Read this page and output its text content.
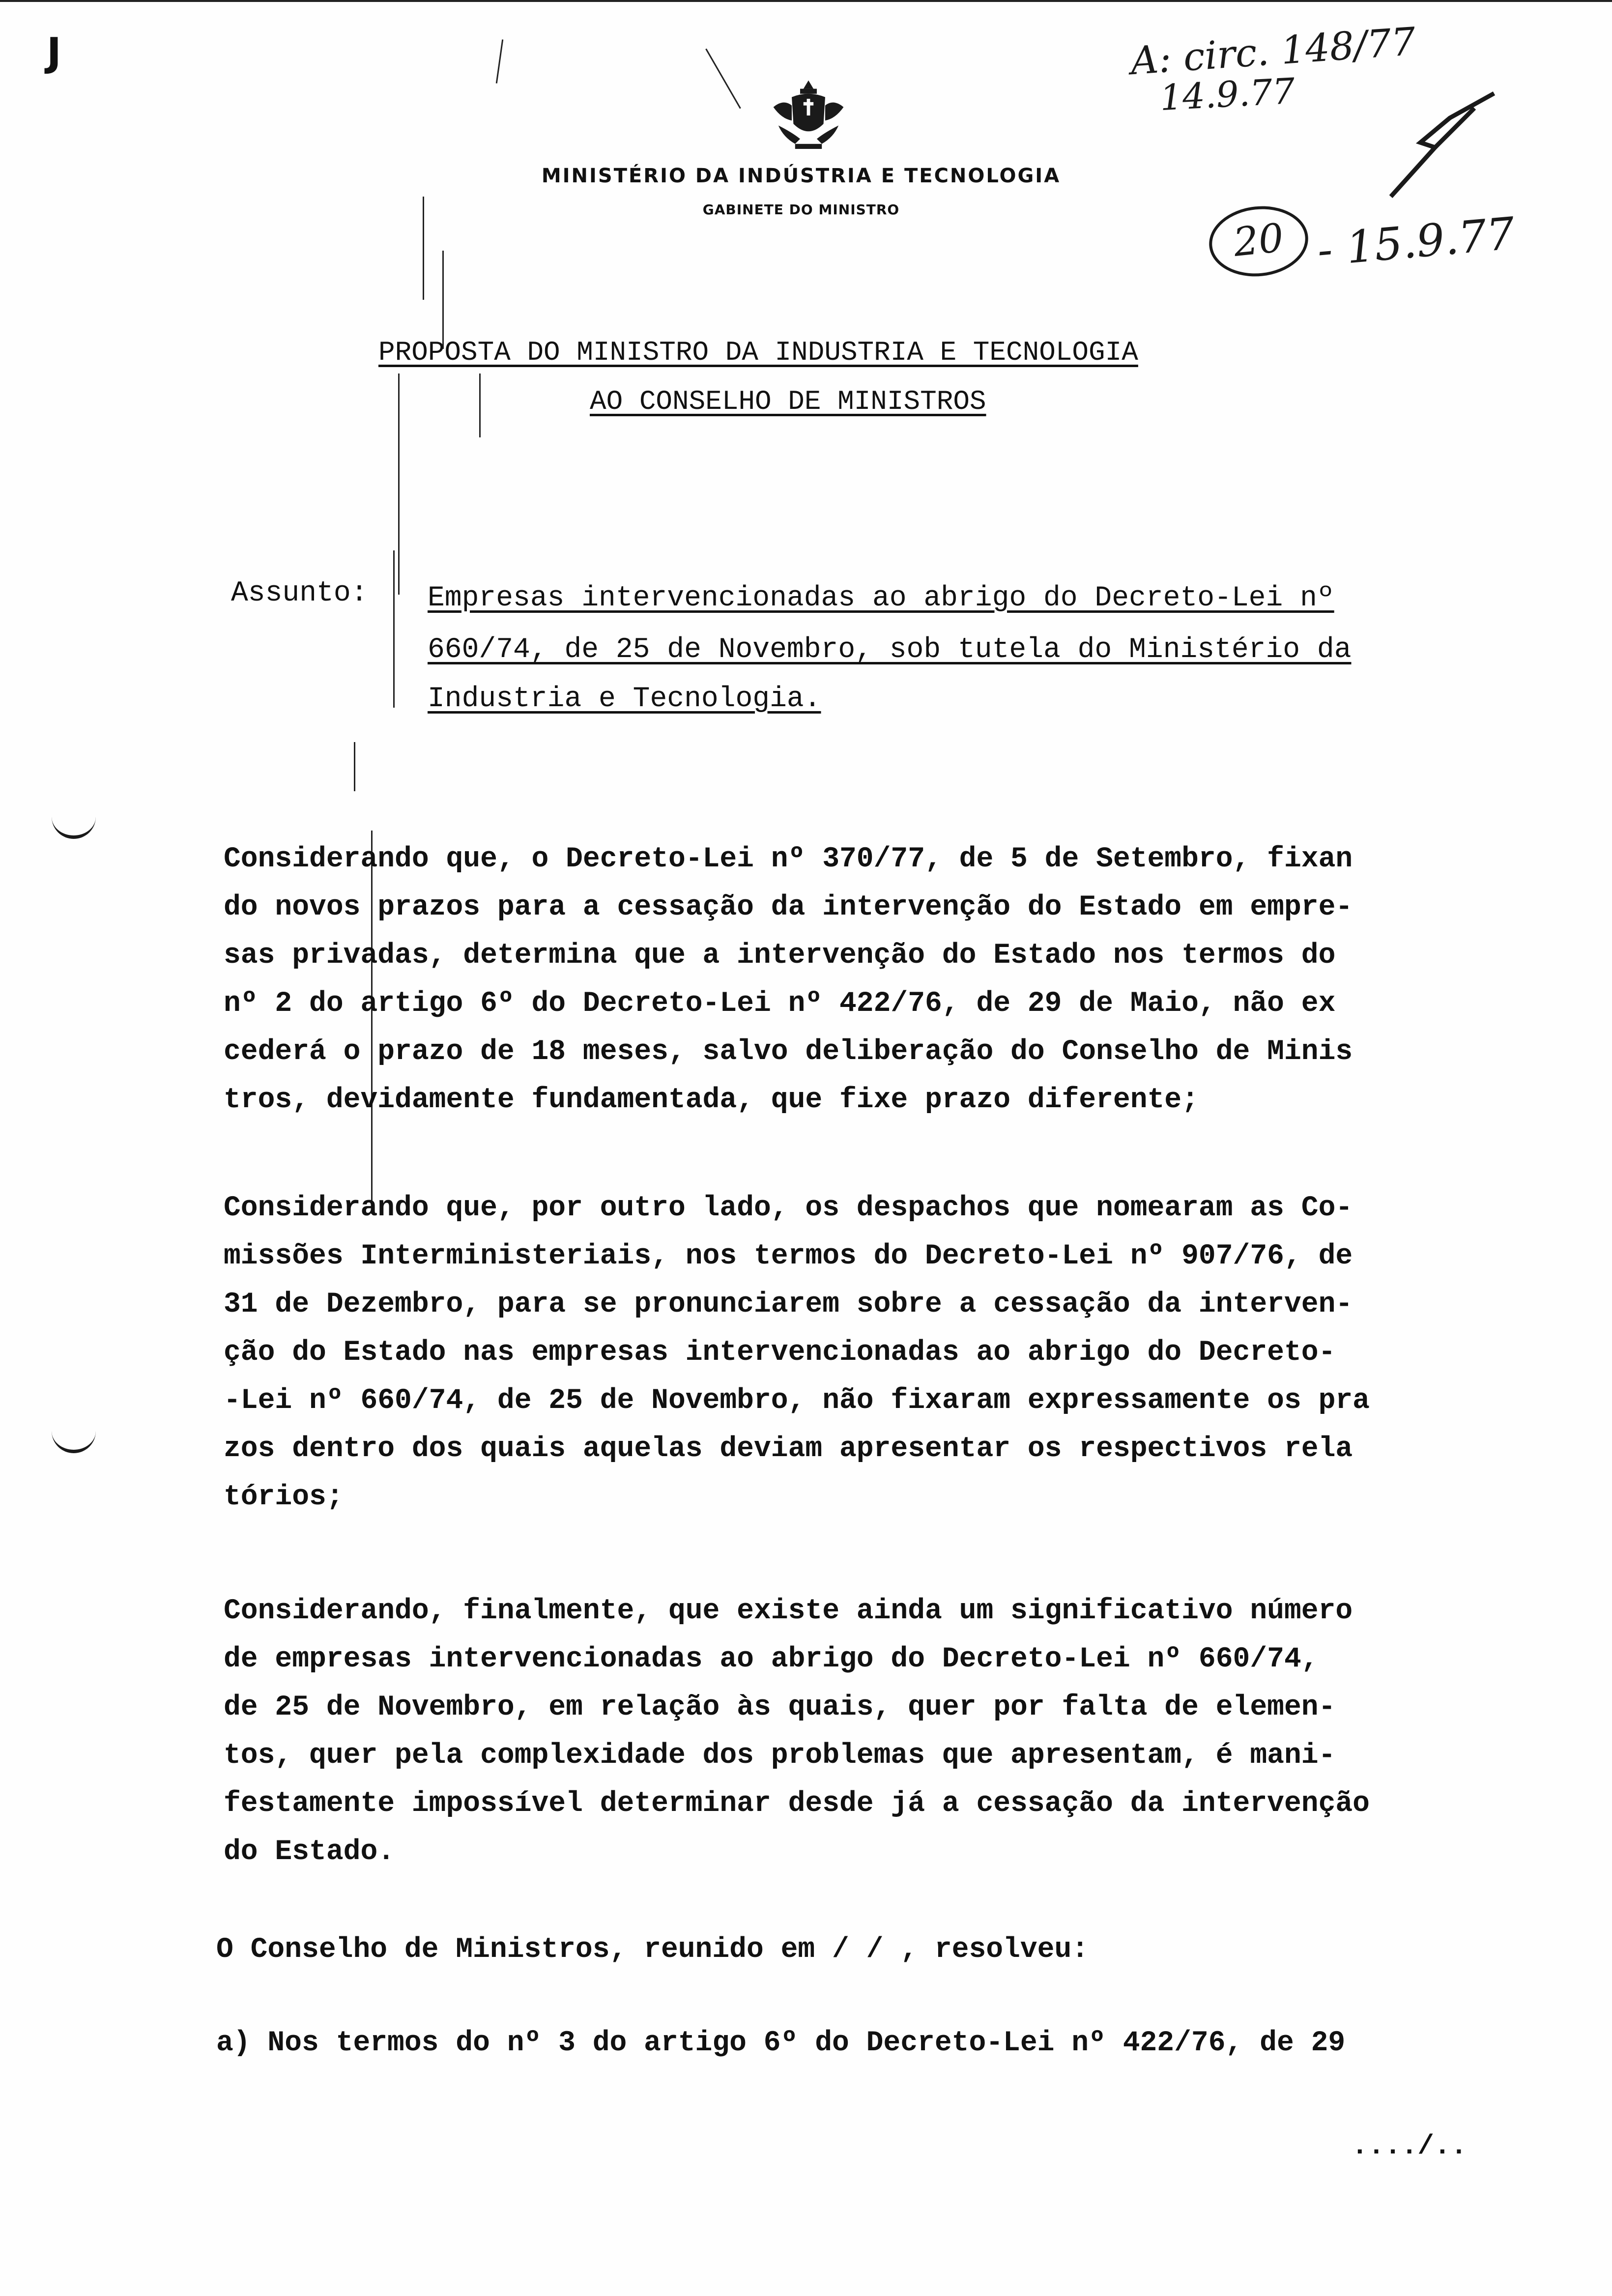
J
MINISTÉRIO DA INDÚSTRIA E TECNOLOGIA
GABINETE DO MINISTRO
A: circ. 148/77
14.9.77
20 - 15.9.77
PROPOSTA DO MINISTRO DA INDUSTRIA E TECNOLOGIA
AO CONSELHO DE MINISTROS
Assunto: Empresas intervencionadas ao abrigo do Decreto-Lei nº
660/74, de 25 de Novembro, sob tutela do Ministério da
Industria e Tecnologia.
Considerando que, o Decreto-Lei nº 370/77, de 5 de Setembro, fixan
do novos prazos para a cessação da intervenção do Estado em empre-
sas privadas, determina que a intervenção do Estado nos termos do
nº 2 do artigo 6º do Decreto-Lei nº 422/76, de 29 de Maio, não ex
cederá o prazo de 18 meses, salvo deliberação do Conselho de Minis
tros, devidamente fundamentada, que fixe prazo diferente;
Considerando que, por outro lado, os despachos que nomearam as Co-
missões Interministeriais, nos termos do Decreto-Lei nº 907/76, de
31 de Dezembro, para se pronunciarem sobre a cessação da interven-
ção do Estado nas empresas intervencionadas ao abrigo do Decreto-
-Lei nº 660/74, de 25 de Novembro, não fixaram expressamente os pra
zos dentro dos quais aquelas deviam apresentar os respectivos rela
tórios;
Considerando, finalmente, que existe ainda um significativo número
de empresas intervencionadas ao abrigo do Decreto-Lei nº 660/74,
de 25 de Novembro, em relação às quais, quer por falta de elemen-
tos, quer pela complexidade dos problemas que apresentam, é mani-
festamente impossível determinar desde já a cessação da intervenção
do Estado.
O Conselho de Ministros, reunido em / / , resolveu:
a) Nos termos do nº 3 do artigo 6º do Decreto-Lei nº 422/76, de 29
..../..
